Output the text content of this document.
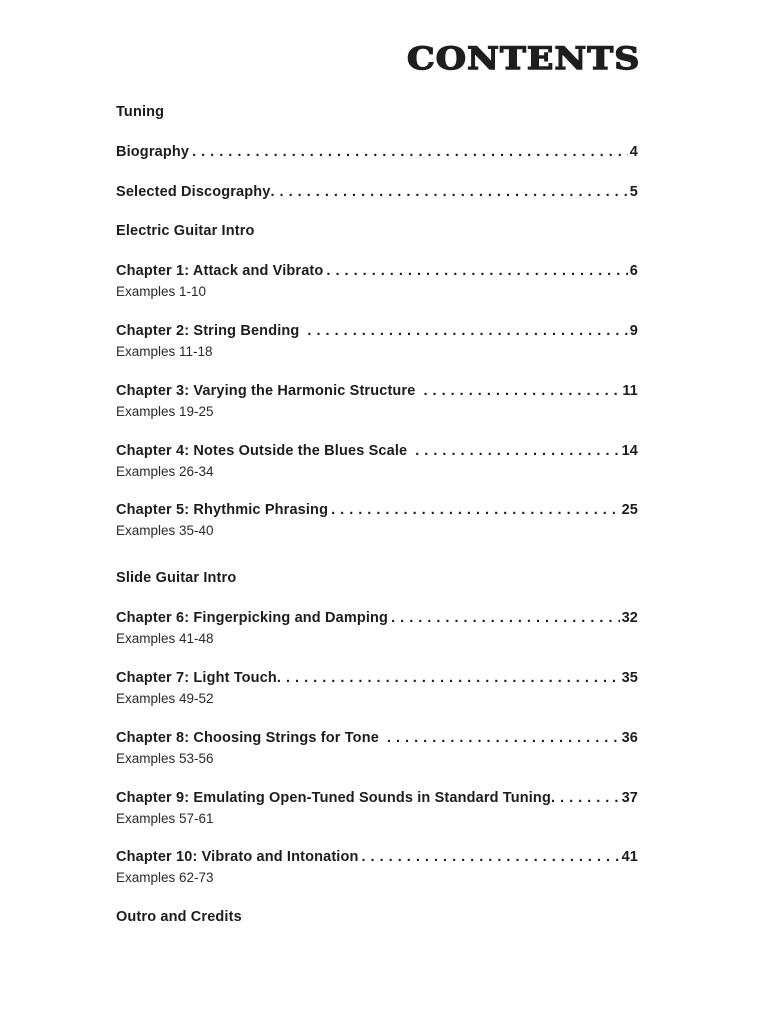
CONTENTS
Tuning
Biography . . .	4
Selected Discography . . .	5
Electric Guitar Intro
Chapter 1: Attack and Vibrato . . .	6
Examples 1-10
Chapter 2: String Bending . . .	9
Examples 11-18
Chapter 3: Varying the Harmonic Structure . . .	11
Examples 19-25
Chapter 4: Notes Outside the Blues Scale . . .	14
Examples 26-34
Chapter 5: Rhythmic Phrasing . . .	25
Examples 35-40
Slide Guitar Intro
Chapter 6: Fingerpicking and Damping . . .	32
Examples 41-48
Chapter 7: Light Touch . . .	35
Examples 49-52
Chapter 8: Choosing Strings for Tone . . .	36
Examples 53-56
Chapter 9: Emulating Open-Tuned Sounds in Standard Tuning . . .	37
Examples 57-61
Chapter 10: Vibrato and Intonation . . .	41
Examples 62-73
Outro and Credits
